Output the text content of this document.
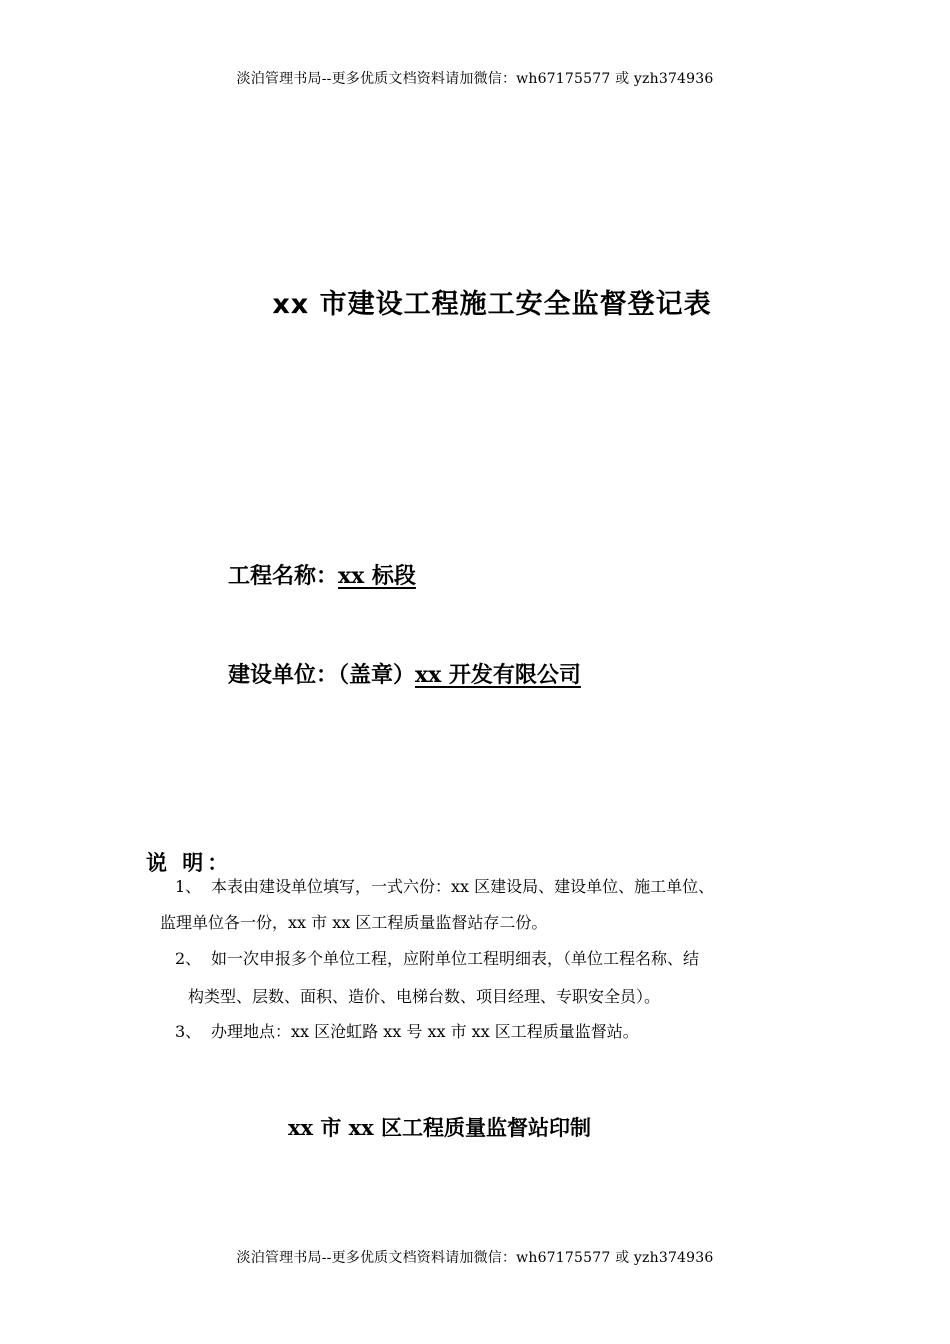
淡泊管理书局--更多优质文档资料请加微信：wh67175577 或 yzh374936
xx 市建设工程施工安全监督登记表
工程名称：xx 标段
建设单位：（盖章）xx 开发有限公司
说 明：
1、 本表由建设单位填写，一式六份：xx 区建设局、建设单位、施工单位、
监理单位各一份，xx 市 xx 区工程质量监督站存二份。
2、 如一次申报多个单位工程，应附单位工程明细表，（单位工程名称、结
构类型、层数、面积、造价、电梯台数、项目经理、专职安全员）。
3、 办理地点：xx 区沧虹路 xx 号 xx 市 xx 区工程质量监督站。
xx 市 xx 区工程质量监督站印制
淡泊管理书局--更多优质文档资料请加微信：wh67175577 或 yzh374936
